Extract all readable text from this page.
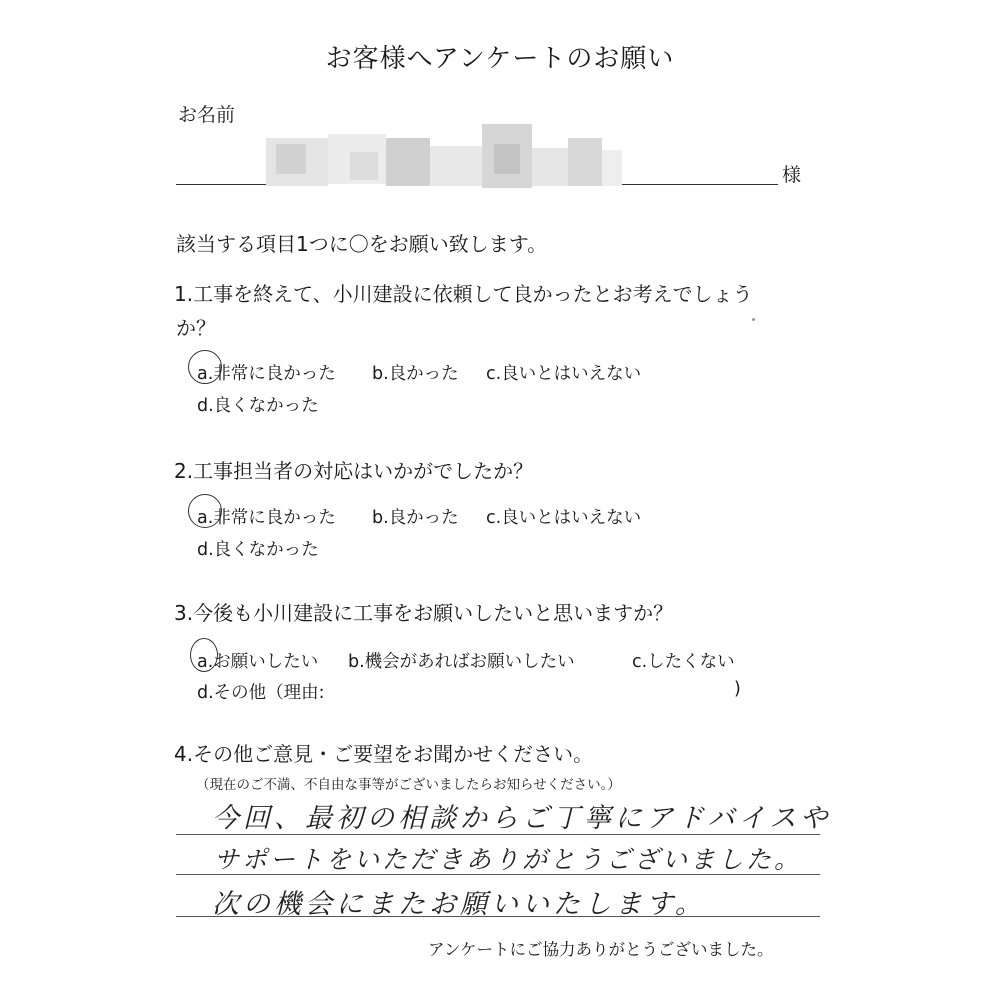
お客様へアンケートのお願い
お名前
様
該当する項目1つに〇をお願い致します。
1.工事を終えて、小川建設に依頼して良かったとお考えでしょう
か？
a.非常に良かった b.良かった c.良いとはいえない
d.良くなかった
2.工事担当者の対応はいかがでしたか？
a.非常に良かった b.良かった c.良いとはいえない
d.良くなかった
3.今後も小川建設に工事をお願いしたいと思いますか？
a.お願いしたい b.機会があればお願いしたい	c.したくない
d.その他（理由:	)
4.その他ご意見・ご要望をお聞かせください。
（現在のご不満、不自由な事等がございましたらお知らせください。）
今回、最初の相談からご丁寧にアドバイスや
サポートをいただきありがとうございました。
次の機会にまたお願いいたします。
アンケートにご協力ありがとうございました。
